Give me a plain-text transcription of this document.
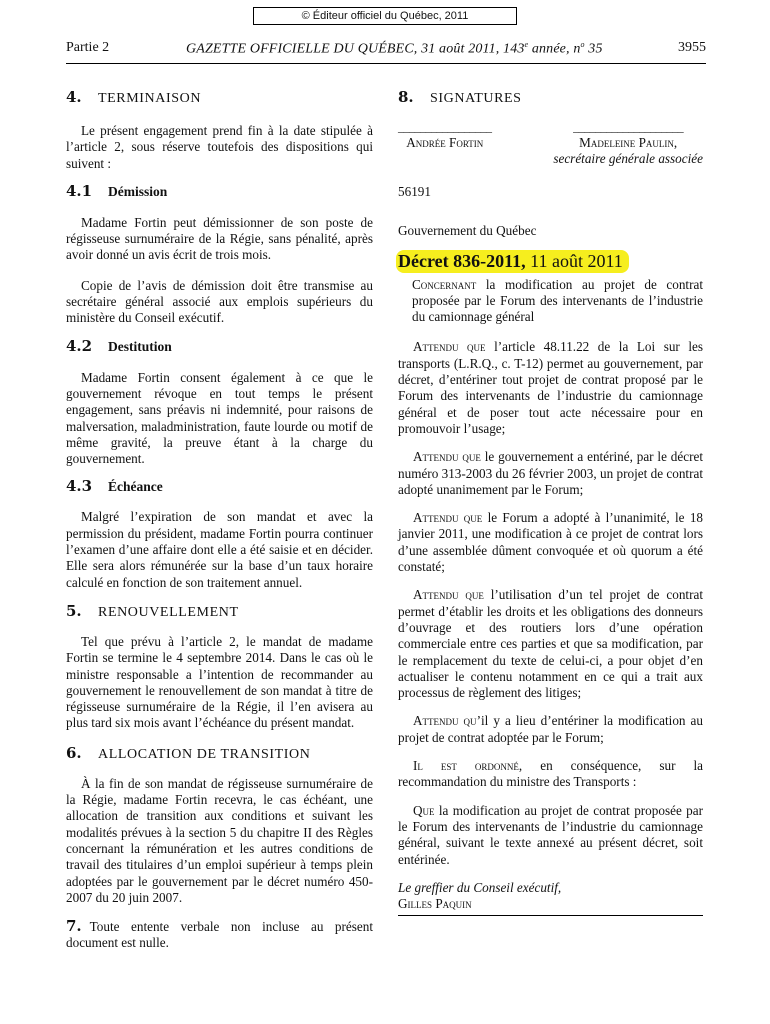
© Éditeur officiel du Québec, 2011
Partie 2	GAZETTE OFFICIELLE DU QUÉBEC, 31 août 2011, 143e année, $n^o$ 35	3955
4.	TERMINAISON

Le présent engagement prend fin à la date stipulée à l’article 2, sous réserve toutefois des dispositions qui suivent :

4.1	Démission

Madame Fortin peut démissionner de son poste de régisseuse surnuméraire de la Régie, sans pénalité, après avoir donné un avis écrit de trois mois.

Copie de l’avis de démission doit être transmise au secrétaire général associé aux emplois supérieurs du ministère du Conseil exécutif.

4.2	Destitution

Madame Fortin consent également à ce que le gouvernement révoque en tout temps le présent engagement, sans préavis ni indemnité, pour raisons de malversation, maladministration, faute lourde ou motif de même gravité, la preuve étant à la charge du gouvernement.

4.3	Échéance

Malgré l’expiration de son mandat et avec la permission du président, madame Fortin pourra continuer l’examen d’une affaire dont elle a été saisie et en décider. Elle sera alors rémunérée sur la base d’un taux horaire calculé en fonction de son traitement annuel.

5.	RENOUVELLEMENT

Tel que prévu à l’article 2, le mandat de madame Fortin se termine le 4 septembre 2014. Dans le cas où le ministre responsable a l’intention de recommander au gouvernement le renouvellement de son mandat à titre de régisseuse surnuméraire de la Régie, il l’en avisera au plus tard six mois avant l’échéance du présent mandat.

6.	ALLOCATION DE TRANSITION

À la fin de son mandat de régisseuse surnuméraire de la Régie, madame Fortin recevra, le cas échéant, une allocation de transition aux conditions et suivant les modalités prévues à la section 5 du chapitre II des Règles concernant la rémunération et les autres conditions de travail des titulaires d’un emploi supérieur à temps plein adoptées par le gouvernement par le décret numéro 450-2007 du 20 juin 2007.

7. Toute entente verbale non incluse au présent document est nulle.

8.	SIGNATURES
_________________
Andrée Fortin
____________________
Madeleine Paulin,
secrétaire générale associée

56191

Gouvernement du Québec

Décret 836-2011, 11 août 2011

Concernant la modification au projet de contrat proposée par le Forum des intervenants de l’industrie du camionnage général

Attendu que l’article 48.11.22 de la Loi sur les transports (L.R.Q., c. T-12) permet au gouvernement, par décret, d’entériner tout projet de contrat proposé par le Forum des intervenants de l’industrie du camionnage général et de poser tout acte nécessaire pour en promouvoir l’usage;

Attendu que le gouvernement a entériné, par le décret numéro 313-2003 du 26 février 2003, un projet de contrat adopté unanimement par le Forum;

Attendu que le Forum a adopté à l’unanimité, le 18 janvier 2011, une modification à ce projet de contrat lors d’une assemblée dûment convoquée et où quorum a été constaté;

Attendu que l’utilisation d’un tel projet de contrat permet d’établir les droits et les obligations des donneurs d’ouvrage et des routiers lors d’une opération commerciale entre ces parties et que sa modification, par le remplacement du texte de celui-ci, a pour objet d’en actualiser le contenu notamment en ce qui a trait aux processus de règlement des litiges;

Attendu qu’il y a lieu d’entériner la modification au projet de contrat adoptée par le Forum;

Il est ordonné, en conséquence, sur la recommandation du ministre des Transports :

Que la modification au projet de contrat proposée par le Forum des intervenants de l’industrie du camionnage général, suivant le texte annexé au présent décret, soit entérinée.

Le greffier du Conseil exécutif,

Gilles Paquin
